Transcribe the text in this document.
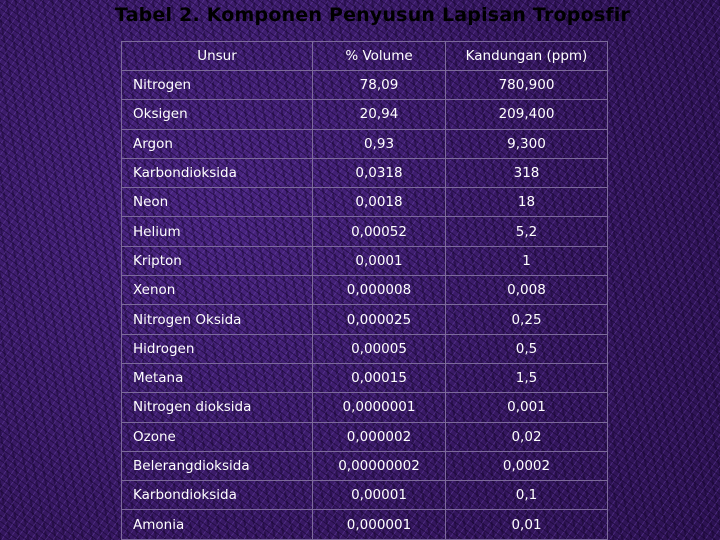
Tabel 2. Komponen Penyusun Lapisan Troposfir
Unsur	% Volume	Kandungan (ppm)
Nitrogen	78,09	780,900
Oksigen	20,94	209,400
Argon	0,93	9,300
Karbondioksida	0,0318	318
Neon	0,0018	18
Helium	0,00052	5,2
Kripton	0,0001	1
Xenon	0,000008	0,008
Nitrogen Oksida	0,000025	0,25
Hidrogen	0,00005	0,5
Metana	0,00015	1,5
Nitrogen dioksida	0,0000001	0,001
Ozone	0,000002	0,02
Belerangdioksida	0,00000002	0,0002
Karbondioksida	0,00001	0,1
Amonia	0,000001	0,01
